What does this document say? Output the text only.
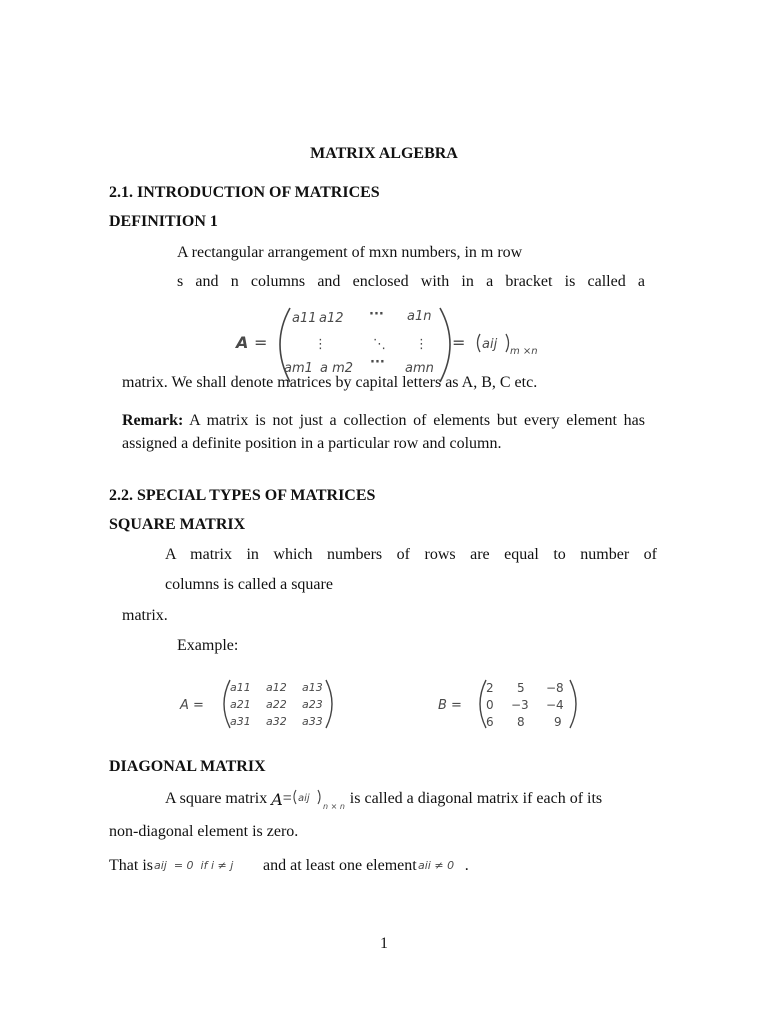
MATRIX ALGEBRA
2.1. INTRODUCTION OF MATRICES
DEFINITION 1
A rectangular arrangement of mxn numbers, in m row
s and n columns and enclosed with in a bracket is called a
A =
a11 a12 ··· a1n
⋮	⋱ ⋮
am1 a m2 ··· amn
= aij m ×n
matrix. We shall denote matrices by capital letters as A, B, C etc.
Remark: A matrix is not just a collection of elements but every element has assigned a definite position in a particular row and column.
2.2. SPECIAL TYPES OF MATRICES
SQUARE MATRIX
A matrix in which numbers of rows are equal to number of
columns is called a square
matrix.
Example:
A =
a11 a12 a13
a21 a22 a23
a31 a32 a33
B =
2 5 −8
0 −3 −4
6 8 9
DIAGONAL MATRIX
A square matrix A = aij
n × n is called a diagonal matrix if each of its
non-diagonal element is zero.
That is aij  = 0  if i ≠ j and at least one element aii ≠ 0 .
1
